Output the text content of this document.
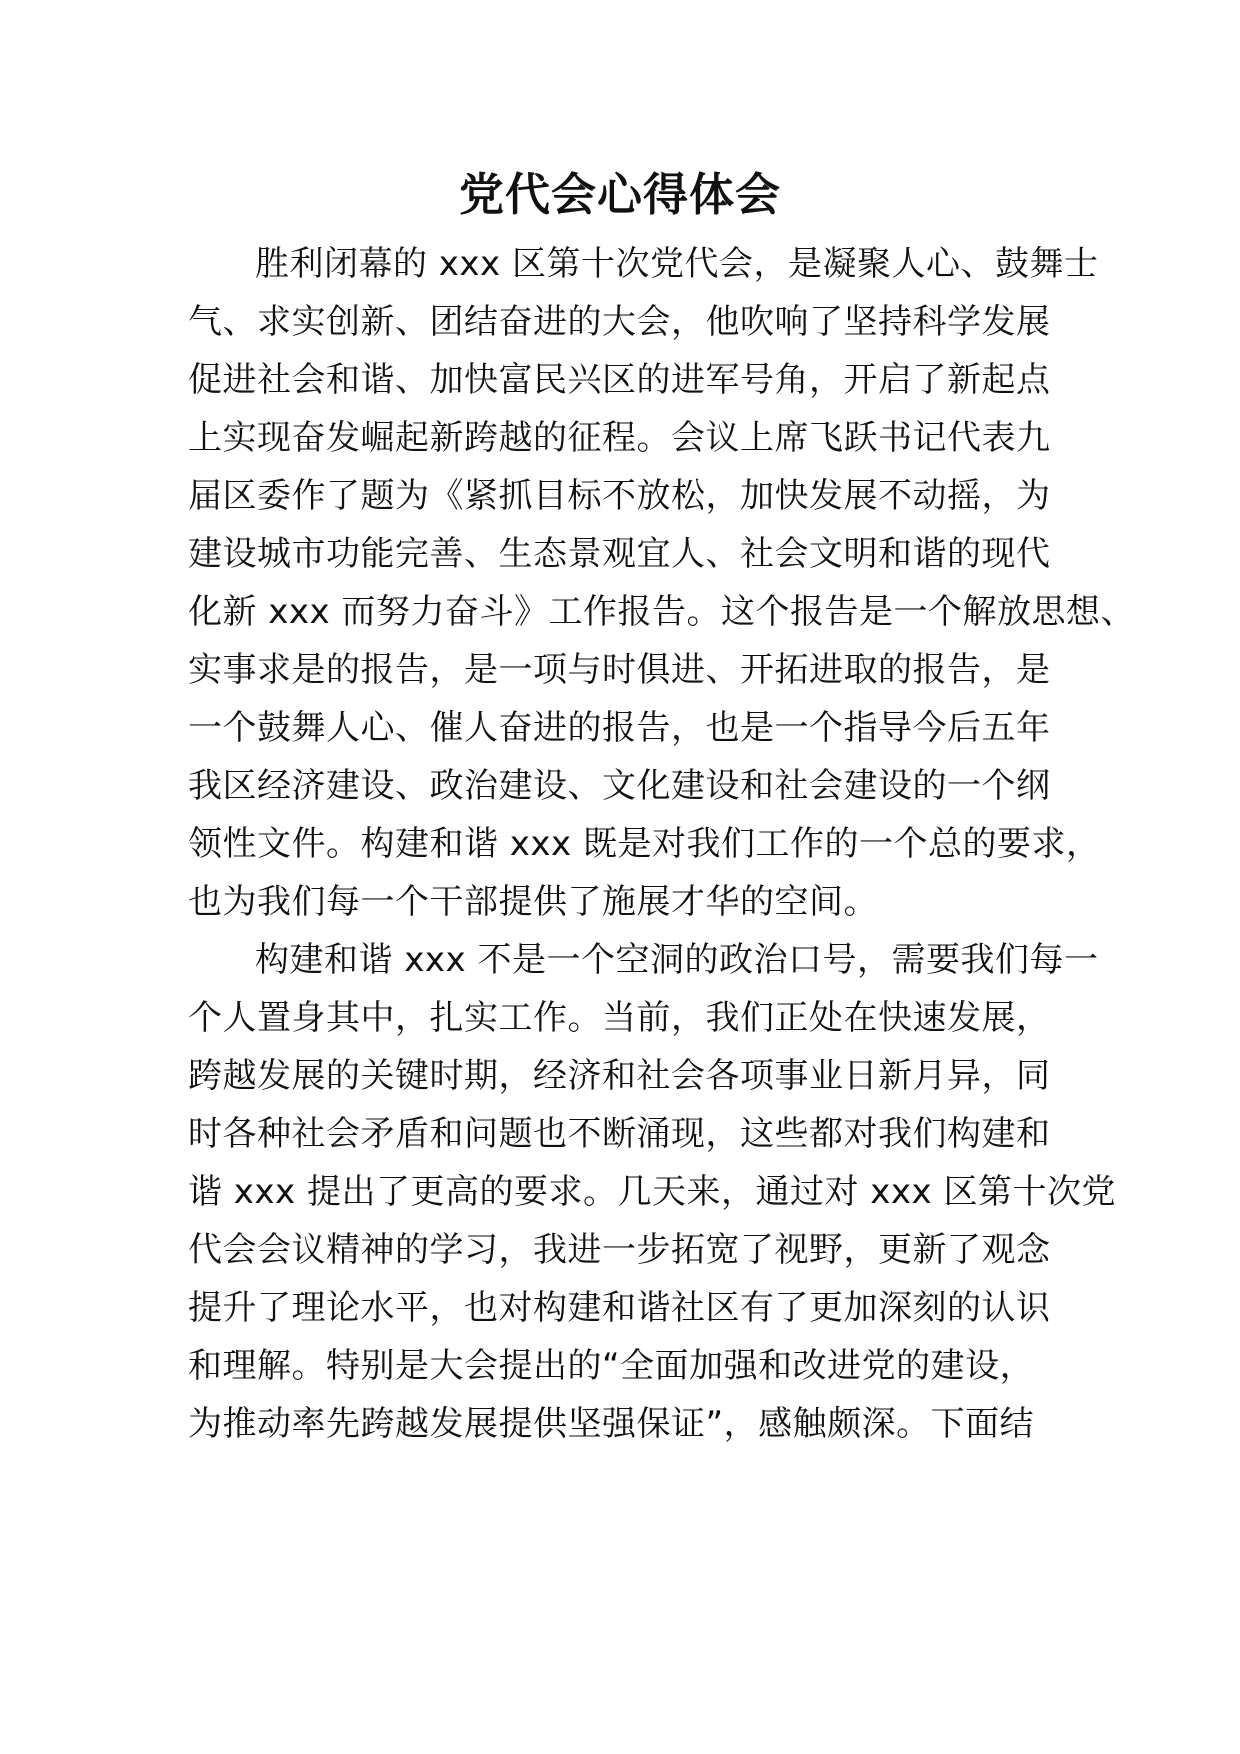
党代会心得体会
胜利闭幕的 xxx 区第十次党代会，是凝聚人心、鼓舞士
气、求实创新、团结奋进的大会，他吹响了坚持科学发展
促进社会和谐、加快富民兴区的进军号角，开启了新起点
上实现奋发崛起新跨越的征程。会议上席飞跃书记代表九
届区委作了题为《紧抓目标不放松，加快发展不动摇，为
建设城市功能完善、生态景观宜人、社会文明和谐的现代
化新 xxx 而努力奋斗》工作报告。这个报告是一个解放思想、
实事求是的报告，是一项与时俱进、开拓进取的报告，是
一个鼓舞人心、催人奋进的报告，也是一个指导今后五年
我区经济建设、政治建设、文化建设和社会建设的一个纲
领性文件。构建和谐 xxx 既是对我们工作的一个总的要求，
也为我们每一个干部提供了施展才华的空间。
构建和谐 xxx 不是一个空洞的政治口号，需要我们每一
个人置身其中，扎实工作。当前，我们正处在快速发展，
跨越发展的关键时期，经济和社会各项事业日新月异，同
时各种社会矛盾和问题也不断涌现，这些都对我们构建和
谐 xxx 提出了更高的要求。几天来，通过对 xxx 区第十次党
代会会议精神的学习，我进一步拓宽了视野，更新了观念
提升了理论水平，也对构建和谐社区有了更加深刻的认识
和理解。特别是大会提出的“全面加强和改进党的建设，
为推动率先跨越发展提供坚强保证”，感触颇深。下面结
